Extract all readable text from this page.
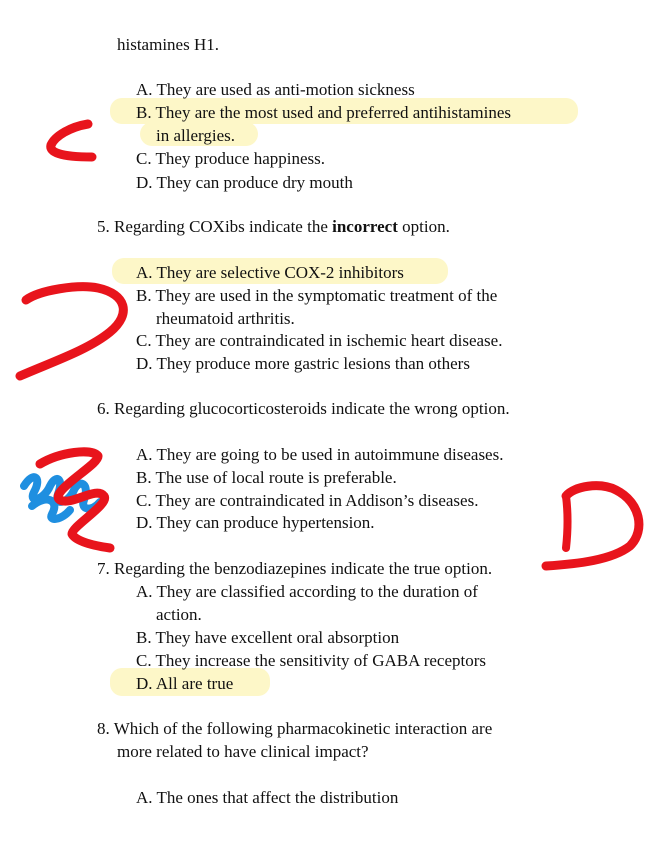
histamines H1.
A. They are used as anti-motion sickness
B. They are the most used and preferred antihistamines
in allergies.
C. They produce happiness.
D. They can produce dry mouth
5. Regarding COXibs indicate the incorrect option.
A. They are selective COX-2 inhibitors
B. They are used in the symptomatic treatment of the
rheumatoid arthritis.
C. They are contraindicated in ischemic heart disease.
D. They produce more gastric lesions than others
6. Regarding glucocorticosteroids indicate the wrong option.
A. They are going to be used in autoimmune diseases.
B. The use of local route is preferable.
C. They are contraindicated in Addison’s diseases.
D. They can produce hypertension.
7. Regarding the benzodiazepines indicate the true option.
A. They are classified according to the duration of
action.
B. They have excellent oral absorption
C. They increase the sensitivity of GABA receptors
D. All are true
8. Which of the following pharmacokinetic interaction are
more related to have clinical impact?
A. The ones that affect the distribution
